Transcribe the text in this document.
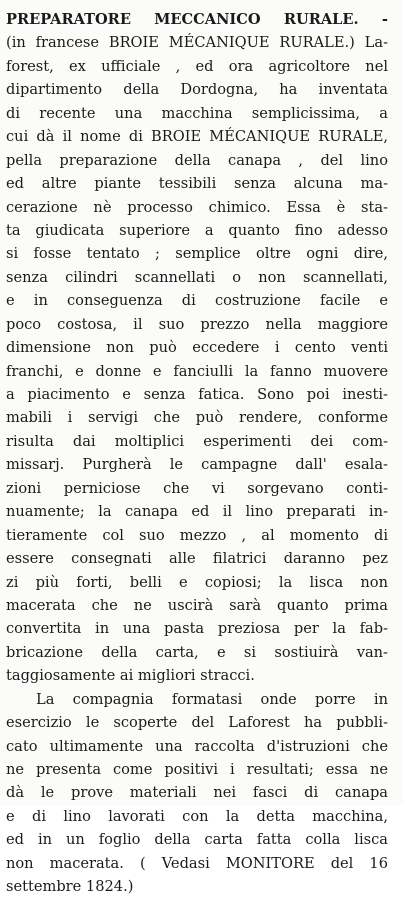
PREPARATORE MECCANICO RURALE. -
(in francese BROIE MÉCANIQUE RURALE.) La-
forest, ex ufficiale , ed ora agricoltore nel
dipartimento della Dordogna, ha inventata
di recente una macchina semplicissima, a
cui dà il nome di BROIE MÉCANIQUE RURALE,
pella preparazione della canapa , del lino
ed altre piante tessibili senza alcuna ma-
cerazione nè processo chimico. Essa è sta-
ta giudicata superiore a quanto fino adesso
si fosse tentato ; semplice oltre ogni dire,
senza cilindri scannellati o non scannellati,
e in conseguenza di costruzione facile e
poco costosa, il suo prezzo nella maggiore
dimensione non può eccedere i cento venti
franchi, e donne e fanciulli la fanno muovere
a piacimento e senza fatica. Sono poi inesti-
mabili i servigi che può rendere, conforme
risulta dai moltiplici esperimenti dei com-
missarj. Purgherà le campagne dall' esala-
zioni perniciose che vi sorgevano conti-
nuamente; la canapa ed il lino preparati in-
tieramente col suo mezzo , al momento di
essere consegnati alle filatrici daranno pez
zi più forti, belli e copiosi; la lisca non
macerata che ne uscirà sarà quanto prima
convertita in una pasta preziosa per la fab-
bricazione della carta, e si sostiuirà van-
taggiosamente ai migliori stracci.
La compagnia formatasi onde porre in
esercizio le scoperte del Laforest ha pubbli-
cato ultimamente una raccolta d'istruzioni che
ne presenta come positivi i resultati; essa ne
dà le prove materiali nei fasci di canapa
e di lino lavorati con la detta macchina,
ed in un foglio della carta fatta colla lisca
non macerata. ( Vedasi MONITORE del 16
settembre 1824.)
